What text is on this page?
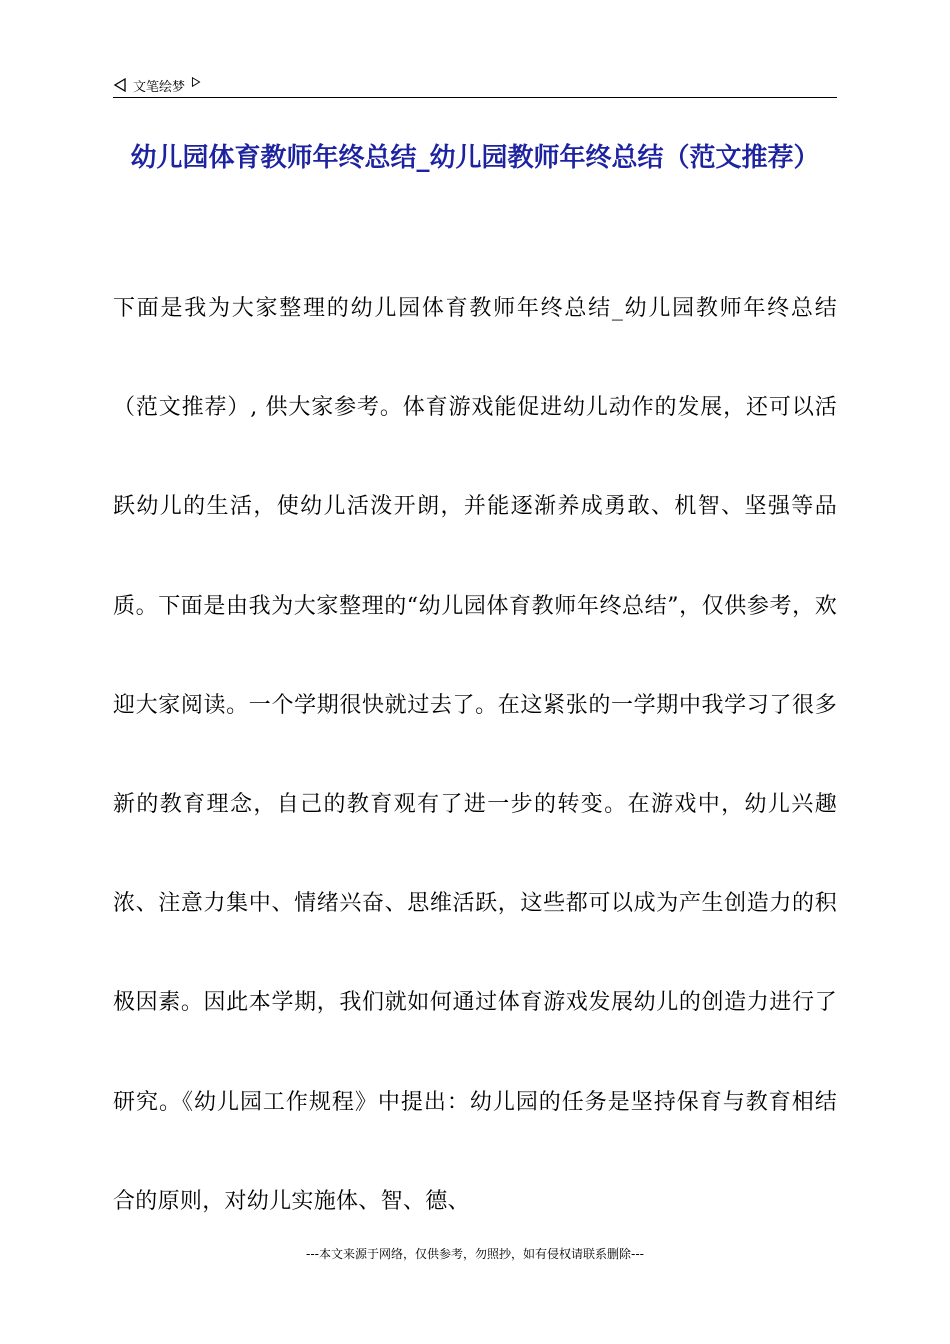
文笔绘梦
幼儿园体育教师年终总结_幼儿园教师年终总结（范文推荐）

下面是我为大家整理的幼儿园体育教师年终总结_幼儿园教师年终总结（范文推荐）, 供大家参考。体育游戏能促进幼儿动作的发展，还可以活跃幼儿的生活，使幼儿活泼开朗，并能逐渐养成勇敢、机智、坚强等品质。下面是由我为大家整理的“幼儿园体育教师年终总结”，仅供参考，欢迎大家阅读。一个学期很快就过去了。在这紧张的一学期中我学习了很多新的教育理念，自己的教育观有了进一步的转变。在游戏中，幼儿兴趣浓、注意力集中、情绪兴奋、思维活跃，这些都可以成为产生创造力的积极因素。因此本学期，我们就如何通过体育游戏发展幼儿的创造力进行了研究。《幼儿园工作规程》中提出：幼儿园的任务是坚持保育与教育相结合的原则，对幼儿实施体、智、德、

---本文来源于网络，仅供参考，勿照抄，如有侵权请联系删除---
